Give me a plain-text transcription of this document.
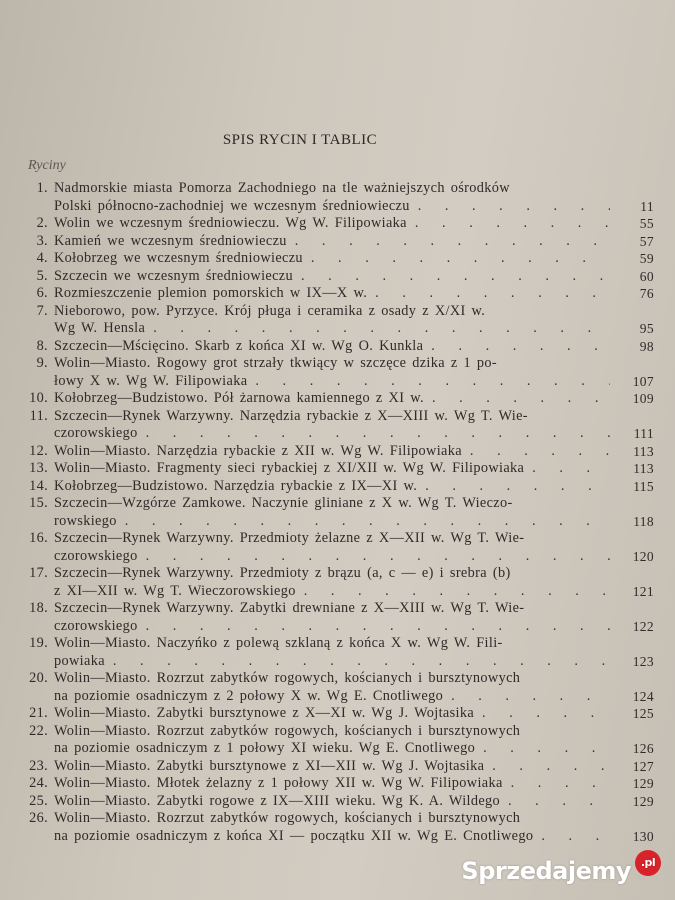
SPIS RYCIN I TABLIC
Ryciny
1. Nadmorskie miasta Pomorza Zachodniego na tle ważniejszych ośrodków
Polski północno-zachodniej we wczesnym średniowieczu . . .	11
2. Wolin we wczesnym średniowieczu. Wg W. Filipowiaka . . .	55
3. Kamień we wczesnym średniowieczu . . .	57
4. Kołobrzeg we wczesnym średniowieczu . . .	59
5. Szczecin we wczesnym średniowieczu . . .	60
6. Rozmieszczenie plemion pomorskich w IX—X w. . . .	76
7. Nieborowo, pow. Pyrzyce. Krój pługa i ceramika z osady z X/XI w.
Wg W. Hensla . . .	95
8. Szczecin—Mścięcino. Skarb z końca XI w. Wg O. Kunkla . . .	98
9. Wolin—Miasto. Rogowy grot strzały tkwiący w szczęce dzika z 1 po-
łowy X w. Wg W. Filipowiaka . . .	107
10. Kołobrzeg—Budzistowo. Pół żarnowa kamiennego z XI w. . . .	109
11. Szczecin—Rynek Warzywny. Narzędzia rybackie z X—XIII w. Wg T. Wie-
czorowskiego . . .	111
12. Wolin—Miasto. Narzędzia rybackie z XII w. Wg W. Filipowiaka . . .	113
13. Wolin—Miasto. Fragmenty sieci rybackiej z XI/XII w. Wg W. Filipowiaka . . .	113
14. Kołobrzeg—Budzistowo. Narzędzia rybackie z IX—XI w. . . .	115
15. Szczecin—Wzgórze Zamkowe. Naczynie gliniane z X w. Wg T. Wieczo-
rowskiego . . .	118
16. Szczecin—Rynek Warzywny. Przedmioty żelazne z X—XII w. Wg T. Wie-
czorowskiego . . .	120
17. Szczecin—Rynek Warzywny. Przedmioty z brązu (a, c — e) i srebra (b)
z XI—XII w. Wg T. Wieczorowskiego . . .	121
18. Szczecin—Rynek Warzywny. Zabytki drewniane z X—XIII w. Wg T. Wie-
czorowskiego . . .	122
19. Wolin—Miasto. Naczyńko z polewą szklaną z końca X w. Wg W. Fili-
powiaka . . .	123
20. Wolin—Miasto. Rozrzut zabytków rogowych, kościanych i bursztynowych
na poziomie osadniczym z 2 połowy X w. Wg E. Cnotliwego . . .	124
21. Wolin—Miasto. Zabytki bursztynowe z X—XI w. Wg J. Wojtasika . . .	125
22. Wolin—Miasto. Rozrzut zabytków rogowych, kościanych i bursztynowych
na poziomie osadniczym z 1 połowy XI wieku. Wg E. Cnotliwego . . .	126
23. Wolin—Miasto. Zabytki bursztynowe z XI—XII w. Wg J. Wojtasika . . .	127
24. Wolin—Miasto. Młotek żelazny z 1 połowy XII w. Wg W. Filipowiaka . . .	129
25. Wolin—Miasto. Zabytki rogowe z IX—XIII wieku. Wg K. A. Wildego . . .	129
26. Wolin—Miasto. Rozrzut zabytków rogowych, kościanych i bursztynowych
na poziomie osadniczym z końca XI — początku XII w. Wg E. Cnotliwego . . .	130
Sprzedajemy .pl
